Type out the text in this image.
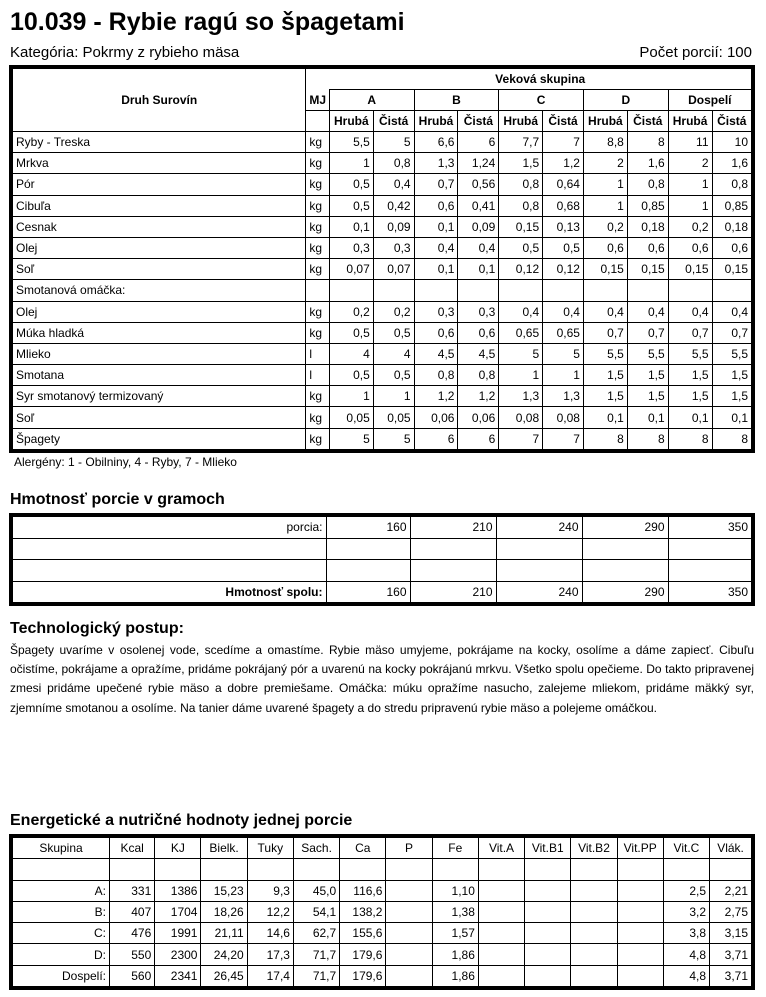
10.039 - Rybie ragú so špagetami
Kategória: Pokrmy z rybieho mäsa	Počet porcií: 100
Druh Surovín		Veková skupina									
	MJ	A		B		C		D		Dospelí	
		Hrubá	Čistá	Hrubá	Čistá	Hrubá	Čistá	Hrubá	Čistá	Hrubá	Čistá
Ryby - Treska	kg	5,5	5	6,6	6	7,7	7	8,8	8	11	10
Mrkva	kg	1	0,8	1,3	1,24	1,5	1,2	2	1,6	2	1,6
Pór	kg	0,5	0,4	0,7	0,56	0,8	0,64	1	0,8	1	0,8
Cibuľa	kg	0,5	0,42	0,6	0,41	0,8	0,68	1	0,85	1	0,85
Cesnak	kg	0,1	0,09	0,1	0,09	0,15	0,13	0,2	0,18	0,2	0,18
Olej	kg	0,3	0,3	0,4	0,4	0,5	0,5	0,6	0,6	0,6	0,6
Soľ	kg	0,07	0,07	0,1	0,1	0,12	0,12	0,15	0,15	0,15	0,15
Smotanová omáčka:											
Olej	kg	0,2	0,2	0,3	0,3	0,4	0,4	0,4	0,4	0,4	0,4
Múka hladká	kg	0,5	0,5	0,6	0,6	0,65	0,65	0,7	0,7	0,7	0,7
Mlieko	l	4	4	4,5	4,5	5	5	5,5	5,5	5,5	5,5
Smotana	l	0,5	0,5	0,8	0,8	1	1	1,5	1,5	1,5	1,5
Syr smotanový termizovaný	kg	1	1	1,2	1,2	1,3	1,3	1,5	1,5	1,5	1,5
Soľ	kg	0,05	0,05	0,06	0,06	0,08	0,08	0,1	0,1	0,1	0,1
Špagety	kg	5	5	6	6	7	7	8	8	8	8
Alergény: 1 - Obilniny, 4 - Ryby, 7 - Mlieko
Hmotnosť porcie v gramoch
porcia:	160	210	240	290	350

Hmotnosť spolu:	160	210	240	290	350
Technologický postup:
Špagety uvaríme v osolenej vode, scedíme a omastíme. Rybie mäso umyjeme, pokrájame na kocky, osolíme a dáme zapiecť. Cibuľu očistíme, pokrájame a opražíme, pridáme pokrájaný pór a uvarenú na kocky pokrájanú mrkvu. Všetko spolu opečieme. Do takto pripravenej zmesi pridáme upečené rybie mäso a dobre premiešame. Omáčka: múku opražíme nasucho, zalejeme mliekom, pridáme mäkký syr, zjemníme smotanou a osolíme. Na tanier dáme uvarené špagety a do stredu pripravenú rybie mäso a polejeme omáčkou.
Energetické a nutričné hodnoty jednej porcie
Skupina	Kcal	KJ	Bielk.	Tuky	Sach.	Ca	P	Fe	Vit.A	Vit.B1	Vit.B2	Vit.PP	Vit.C	Vlák.

A:	331	1386	15,23	9,3	45,0	116,6		1,10					2,5	2,21
B:	407	1704	18,26	12,2	54,1	138,2		1,38					3,2	2,75
C:	476	1991	21,11	14,6	62,7	155,6		1,57					3,8	3,15
D:	550	2300	24,20	17,3	71,7	179,6		1,86					4,8	3,71
Dospelí:	560	2341	26,45	17,4	71,7	179,6		1,86					4,8	3,71
